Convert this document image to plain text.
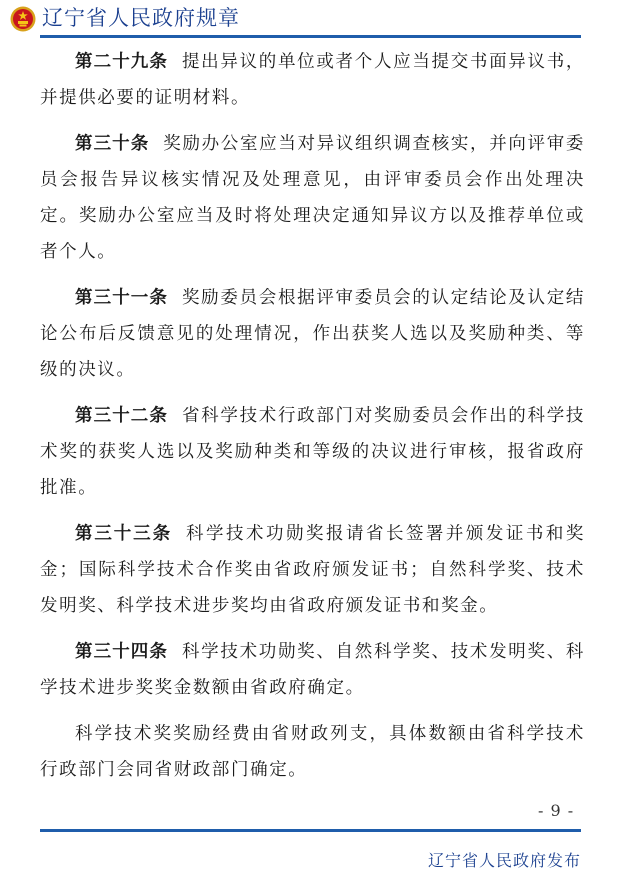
辽宁省人民政府规章

第二十九条 提出异议的单位或者个人应当提交书面异议书，并提供必要的证明材料。

第三十条 奖励办公室应当对异议组织调查核实，并向评审委员会报告异议核实情况及处理意见，由评审委员会作出处理决定。奖励办公室应当及时将处理决定通知异议方以及推荐单位或者个人。

第三十一条 奖励委员会根据评审委员会的认定结论及认定结论公布后反馈意见的处理情况，作出获奖人选以及奖励种类、等级的决议。

第三十二条 省科学技术行政部门对奖励委员会作出的科学技术奖的获奖人选以及奖励种类和等级的决议进行审核，报省政府批准。

第三十三条 科学技术功勋奖报请省长签署并颁发证书和奖金；国际科学技术合作奖由省政府颁发证书；自然科学奖、技术发明奖、科学技术进步奖均由省政府颁发证书和奖金。

第三十四条 科学技术功勋奖、自然科学奖、技术发明奖、科学技术进步奖奖金数额由省政府确定。

科学技术奖奖励经费由省财政列支，具体数额由省科学技术行政部门会同省财政部门确定。

- 9 -
辽宁省人民政府发布
